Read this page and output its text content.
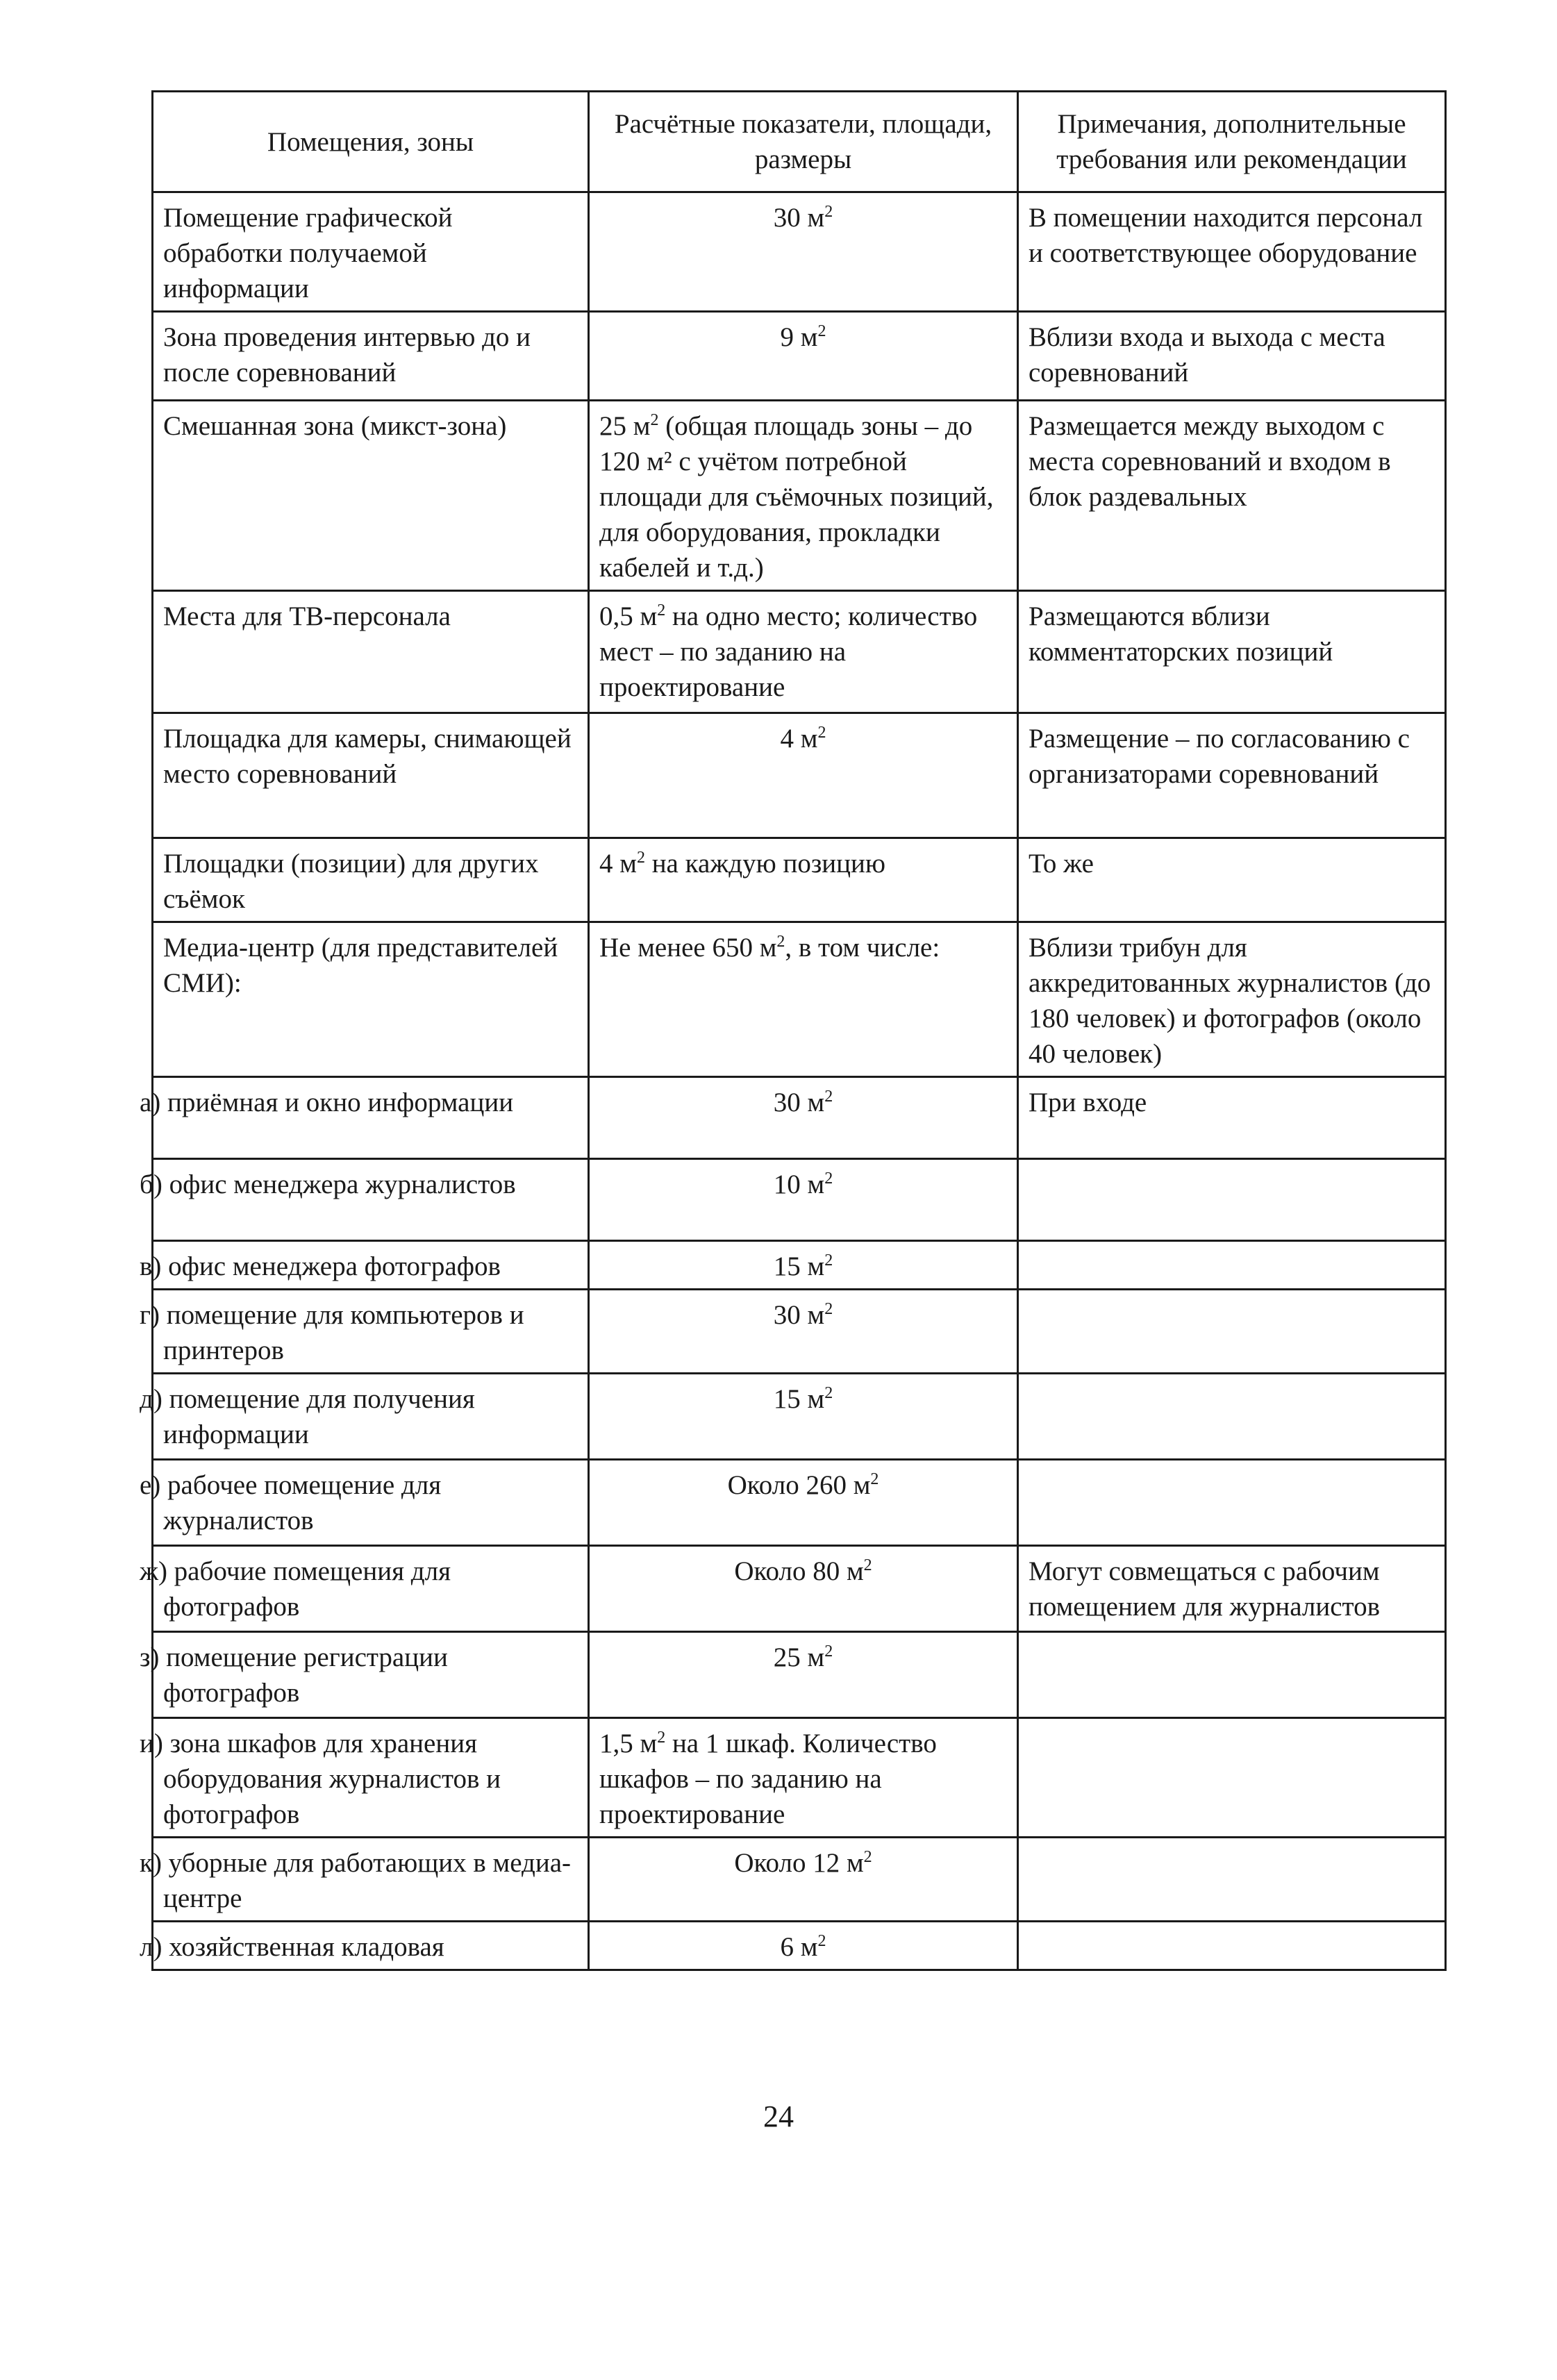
Помещения, зоны	Расчётные показатели, площади, размеры	Примечания, дополнительные требования или рекомендации
Помещение графической обработки получаемой информации	30 $м^2$	В помещении находится персонал и соответствующее оборудование
Зона проведения интервью до и после соревнований	9 $м^2$	Вблизи входа и выхода с места соревнований
Смешанная зона (микст-зона)	25 $м^2$ (общая площадь зоны – до 120 м² с учётом потребной площади для съёмочных позиций, для оборудования, прокладки кабелей и т.д.)	Размещается между выходом с места соревнований и входом в блок раздевальных
Места для ТВ-персонала	0,5 $м^2$ на одно место; количество мест – по заданию на проектирование	Размещаются вблизи комментаторских позиций
Площадка для камеры, снимающей место соревнований	4 $м^2$	Размещение – по согласованию с организаторами соревнований
Площадки (позиции) для других съёмок	4 $м^2$ на каждую позицию	То же
Медиа-центр (для представителей СМИ):	Не менее 650 $м^2$, в том числе:	Вблизи трибун для аккредитованных журналистов (до 180 человек) и фотографов (около 40 человек)
а) приёмная и окно информации	30 $м^2$	При входе
б) офис менеджера журналистов	10 $м^2$	
в) офис менеджера фотографов	15 $м^2$	
г) помещение для компьютеров и принтеров	30 $м^2$	
д) помещение для получения информации	15 $м^2$	
е) рабочее помещение для журналистов	Около 260 $м^2$	
ж) рабочие помещения для фотографов	Около 80 $м^2$	Могут совмещаться с рабочим помещением для журналистов
з) помещение регистрации фотографов	25 $м^2$	
и) зона шкафов для хранения оборудования журналистов и фотографов	1,5 $м^2$ на 1 шкаф. Количество шкафов – по заданию на проектирование	
к) уборные для работающих в медиа-центре	Около 12 $м^2$	
л) хозяйственная кладовая	6 $м^2$	
24
